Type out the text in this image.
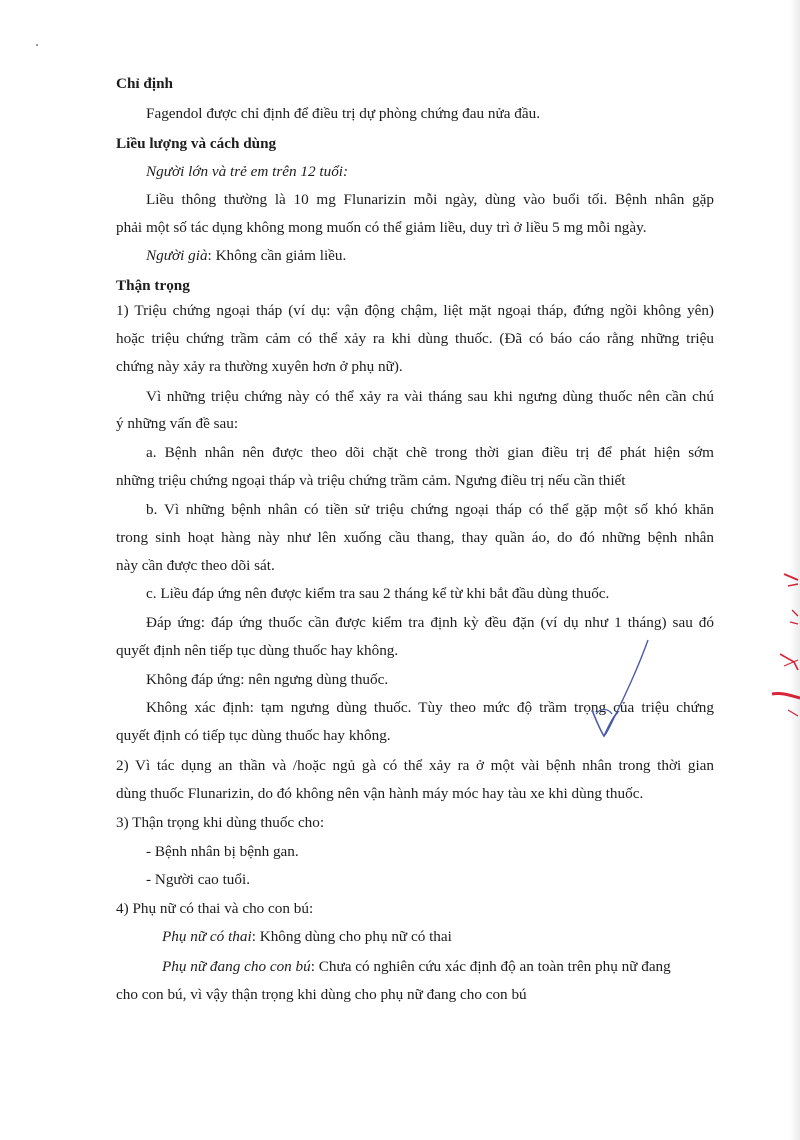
Chỉ định
Fagendol được chỉ định để điều trị dự phòng chứng đau nửa đầu.
Liều lượng và cách dùng
Người lớn và trẻ em trên 12 tuổi:
Liều thông thường là 10 mg Flunarizin mỗi ngày, dùng vào buổi tối. Bệnh nhân gặp
phải một số tác dụng không mong muốn có thể giảm liều, duy trì ở liều 5 mg mỗi ngày.
Người già: Không cần giảm liều.
Thận trọng
1) Triệu chứng ngoại tháp (ví dụ: vận động chậm, liệt mặt ngoại tháp, đứng ngồi không yên)
hoặc triệu chứng trầm cảm có thể xảy ra khi dùng thuốc. (Đã có báo cáo rằng những triệu
chứng này xảy ra thường xuyên hơn ở phụ nữ).
Vì những triệu chứng này có thể xảy ra vài tháng sau khi ngưng dùng thuốc nên cần chú
ý những vấn đề sau:
a. Bệnh nhân nên được theo dõi chặt chẽ trong thời gian điều trị để phát hiện sớm
những triệu chứng ngoại tháp và triệu chứng trầm cảm. Ngưng điều trị nếu cần thiết
b. Vì những bệnh nhân có tiền sử triệu chứng ngoại tháp có thể gặp một số khó khăn
trong sinh hoạt hàng này như lên xuống cầu thang, thay quần áo, do đó những bệnh nhân
này cần được theo dõi sát.
c. Liều đáp ứng nên được kiểm tra sau 2 tháng kể từ khi bắt đầu dùng thuốc.
Đáp ứng: đáp ứng thuốc cần được kiểm tra định kỳ đều đặn (ví dụ như 1 tháng) sau đó
quyết định nên tiếp tục dùng thuốc hay không.
Không đáp ứng: nên ngưng dùng thuốc.
Không xác định: tạm ngưng dùng thuốc. Tùy theo mức độ trầm trọng của triệu chứng
quyết định có tiếp tục dùng thuốc hay không.
2) Vì tác dụng an thần và /hoặc ngủ gà có thể xảy ra ở một vài bệnh nhân trong thời gian
dùng thuốc Flunarizin, do đó không nên vận hành máy móc hay tàu xe khi dùng thuốc.
3) Thận trọng khi dùng thuốc cho:
- Bệnh nhân bị bệnh gan.
- Người cao tuổi.
4) Phụ nữ có thai và cho con bú:
Phụ nữ có thai: Không dùng cho phụ nữ có thai
Phụ nữ đang cho con bú: Chưa có nghiên cứu xác định độ an toàn trên phụ nữ đang
cho con bú, vì vậy thận trọng khi dùng cho phụ nữ đang cho con bú
